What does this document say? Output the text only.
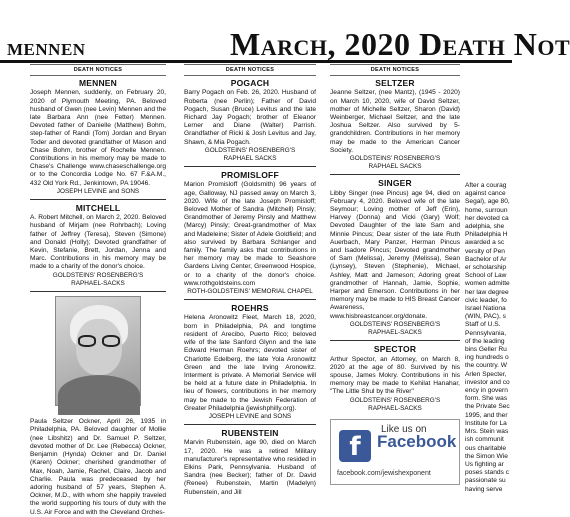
MENNEN	March, 2020 Death Not
DEATH NOTICES
MENNEN
Joseph Mennen, suddenly, on February 20, 2020 of Plymouth Meeting, PA. Beloved husband of Gwen (nee Levin) Mennen and the late Barbara Ann (nee Fetter) Mennen. Devoted father of Danielle (Matthew) Bohm, step-father of Randi (Tom) Jordan and Bryan Toder and devoted grandfather of Mason and Chase Bohm, brother of Rochelle Mennen. Contributions in his memory may be made to Chase's Challenge www.chaseschallenge.org or to the Concordia Lodge No. 67 F.&A.M., 432 Old York Rd., Jenkintown, PA 19046.
JOSEPH LEVINE and SONS
MITCHELL
A. Robert Mitchell, on March 2, 2020. Beloved husband of Mirjam (nee Rohrbach); Loving father of Jeffrey (Teresa), Steven (Simone) and Donald (Holly); Devoted grandfather of Kevin, Stefanie, Brett, Jordan, Jenna and Marc. Contributions in his memory may be made to a charity of the donor's choice.
GOLDSTEINS' ROSENBERG'S
RAPHAEL-SACKS
Paula Seltzer Ockner, April 26, 1935 in Philadelphia, PA. Beloved daughter of Mollie (nee Libshitz) and Dr. Samuel P. Seltzer, devoted mother of Dr. Lee (Rebecca) Ockner, Benjamin (Hynda) Ockner and Dr. Daniel (Karen) Ockner; cherished grandmother of Max, Noah, Jamie, Rachel, Claire, Jacob and Charlie. Paula was predeceased by her adoring husband of 57 years, Stephen A. Ockner, M.D., with whom she happily traveled the world supporting his tours of duty with the U.S. Air Force and with the Cleveland Orches-
DEATH NOTICES
POGACH
Barry Pogach on Feb. 26, 2020. Husband of Roberta (nee Perlin); Father of David Pogach, Susan (Bruce) Levitus and the late Richard Jay Pogach; brother of Eleanor Lerner and Diane (Walter) Parrish. Grandfather of Ricki & Josh Levitus and Jay, Shawn, & Mia Pogach.
GOLDSTEINS' ROSENBERG'S
RAPHAEL SACKS
PROMISLOFF
Marion Promisloff (Goldsmith) 96 years of age, Galloway, NJ passed away on March 3, 2020. Wife of the late Joseph Promisloff; Beloved Mother of Sandra (Mitchell) Pinsly; Grandmother of Jeremy Pinsly and Matthew (Marcy) Pinsly; Great-grandmother of Max and Madeleine; Sister of Adele Goldfield; and also survived by Barbara Schlanger and family. The family asks that contributions in her memory may be made to Seashore Gardens Living Center, Greenwood Hospice, or to a charity of the donor's choice. www.rothgoldsteins.com
ROTH-GOLDSTEINS' MEMORIAL CHAPEL
ROEHRS
Helena Aronowitz Fleet, March 18, 2020, born in Philadelphia, PA and longtime resident of Arecibo, Puerto Rico; beloved wife of the late Sanford Glynn and the late Edward Herman Roehrs; devoted sister of Charlotte Edelberg, the late Yola Aronowitz Green and the late Irving Aronowitz. Interment is private. A Memorial Service will be held at a future date in Philadelphia. In lieu of flowers, contributions in her memory may be made to the Jewish Federation of Greater Philadelphia (jewishphilly.org).
JOSEPH LEVINE and SONS
RUBENSTEIN
Marvin Rubenstein, age 90, died on March 17, 2020. He was a retired Military manufacturer's representative who resided in Elkins Park, Pennsylvania. Husband of Sandra (nee Becker); father of Dr. David (Renee) Rubenstein, Martin (Madelyn) Rubenstein, and Jill
DEATH NOTICES
SELTZER
Jeanne Seltzer, (nee Mantz), (1945 - 2020) on March 10, 2020, wife of David Seltzer, mother of Michelle Seltzer, Sharon (David) Weinberger, Michael Seltzer, and the late Joshua Seltzer. Also survived by 5-grandchildren. Contributions in her memory may be made to the American Cancer Society.
GOLDSTEINS' ROSENBERG'S
RAPHAEL SACKS
SINGER
Libby Singer (nee Pincus) age 94, died on February 4, 2020. Beloved wife of the late Seymour; Loving mother of Jeff (Erin), Harvey (Donna) and Vicki (Gary) Wolf; Devoted Daughter of the late Sam and Minnie Pincus; Dear sister of the late Ruth Auerbach, Mary Panzer, Herman Pincus and Isadore Pincus; Devoted grandmother of Sam (Melissa), Jeremy (Melissa), Sean (Lynsey), Steven (Stephenie), Michael, Ashley, Matt and Jameson; Adoring great grandmother of Hannah, Jamie, Sophie, Harper and Emerson. Contributions in her memory may be made to HIS Breast Cancer Awareness, www.hisbreastcancer.org/donate.
GOLDSTEINS' ROSENBERG'S
RAPHAEL-SACKS
SPECTOR
Arthur Spector, an Attorney, on March 8, 2020 at the age of 80. Survived by his spouse, James Mokry. Contributions in his memory may be made to Kehilat Hanahar, "The Little Shul by the River"
GOLDSTEINS' ROSENBERG'S
RAPHAEL-SACKS
f
Like us on
Facebook
facebook.com/jewishexponent
After a courag against cance Segal), age 80, home, surroun her devoted ca adelphia, she Philadelphia H awarded a sc versity of Pen Bachelor of Ar er scholarship School of Law women admitte her law degree civic leader, fo Israel Nationa (WIN, PAC), s Staff of U.S. Pennsylvania, of the leading bins Geller Ru ing hundreds o the country. W Arlen Specter, investor and co ency in govern form. She was the Private Sec 1995, and ther Institute for La Mrs. Stein was ish communit ous charitable the Simon Wie Us fighting ar poses stands c passionate su having serve
